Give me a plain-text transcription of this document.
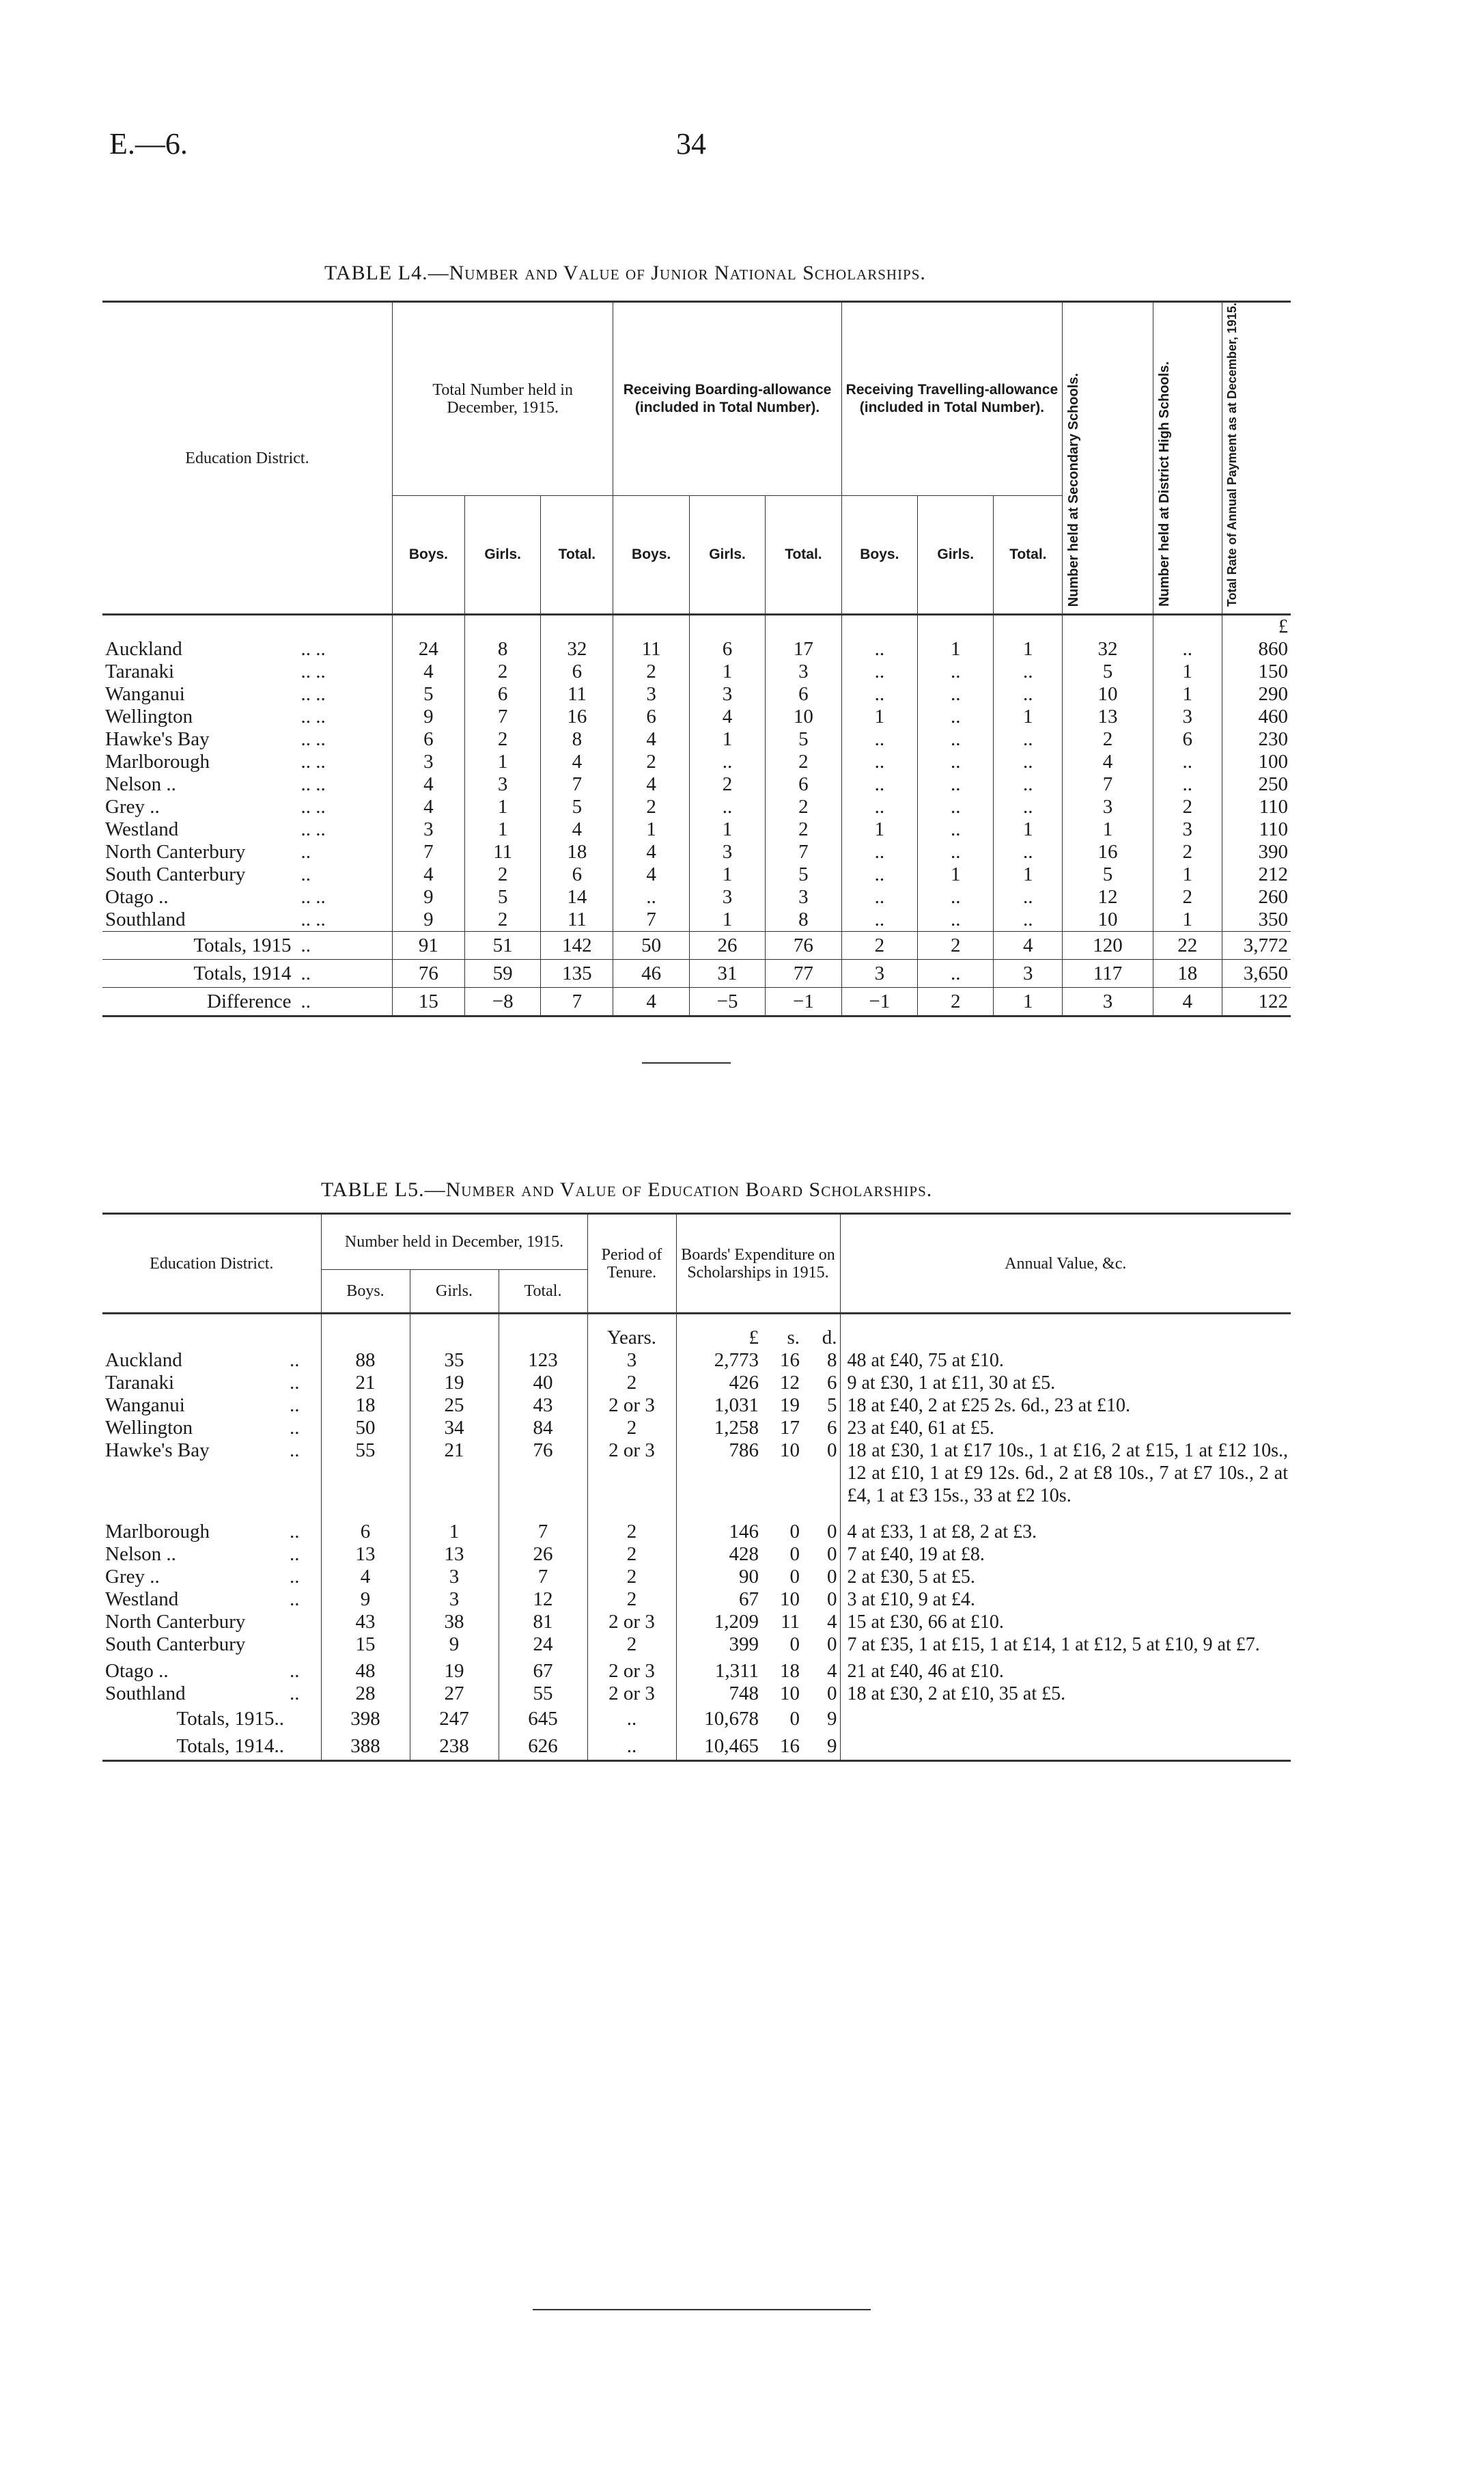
E.—6.	34
TABLE L4.—Number and Value of Junior National Scholarships.
Education District.		Total Number held in December, 1915.			Receiving Boarding-allowance (included in Total Number).			Receiving Travelling-allowance (included in Total Number).			Number held at Secondary Schools.	Number held at District High Schools.	Total Rate of Annual Payment as at December, 1915.

		Boys.	Girls.	Total.	Boys.	Girls.	Total.	Boys.	Girls.	Total.			
													£
Auckland	.. ..	24	8	32	11	6	17	..	1	1	32	..	860
Taranaki	.. ..	4	2	6	2	1	3	..	..	..	5	1	150
Wanganui	.. ..	5	6	11	3	3	6	..	..	..	10	1	290
Wellington	.. ..	9	7	16	6	4	10	1	..	1	13	3	460
Hawke's Bay	.. ..	6	2	8	4	1	5	..	..	..	2	6	230
Marlborough	.. ..	3	1	4	2	..	2	..	..	..	4	..	100
Nelson ..	.. ..	4	3	7	4	2	6	..	..	..	7	..	250
Grey ..	.. ..	4	1	5	2	..	2	..	..	..	3	2	110
Westland	.. ..	3	1	4	1	1	2	1	..	1	1	3	110
North Canterbury	..	7	11	18	4	3	7	..	..	..	16	2	390
South Canterbury	..	4	2	6	4	1	5	..	1	1	5	1	212
Otago ..	.. ..	9	5	14	..	3	3	..	..	..	12	2	260
Southland	.. ..	9	2	11	7	1	8	..	..	..	10	1	350
Totals, 1915	..	91	51	142	50	26	76	2	2	4	120	22	3,772
Totals, 1914	..	76	59	135	46	31	77	3	..	3	117	18	3,650
Difference	..	15	−8	7	4	−5	−1	−1	2	1	3	4	122
TABLE L5.—Number and Value of Education Board Scholarships.
Education District.		Number held in December, 1915.			Period of Tenure.	Boards' Expenditure on Scholarships in 1915.			Annual Value, &c.
		Boys.	Girls.	Total.					
					Years.	£	s.	d.	
Auckland	..	88	35	123	3	2,773	16	8	48 at £40, 75 at £10.
Taranaki	..	21	19	40	2	426	12	6	9 at £30, 1 at £11, 30 at £5.
Wanganui	..	18	25	43	2 or 3	1,031	19	5	18 at £40, 2 at £25 2s. 6d., 23 at £10.
Wellington	..	50	34	84	2	1,258	17	6	23 at £40, 61 at £5.
Hawke's Bay	..	55	21	76	2 or 3	786	10	0	18 at £30, 1 at £17 10s., 1 at £16, 2 at £15, 1 at £12 10s., 12 at £10, 1 at £9 12s. 6d., 2 at £8 10s., 7 at £7 10s., 2 at £4, 1 at £3 15s., 33 at £2 10s.

Marlborough	..	6	1	7	2	146	0	0	4 at £33, 1 at £8, 2 at £3.
Nelson ..	..	13	13	26	2	428	0	0	7 at £40, 19 at £8.
Grey ..	..	4	3	7	2	90	0	0	2 at £30, 5 at £5.
Westland	..	9	3	12	2	67	10	0	3 at £10, 9 at £4.
North Canterbury		43	38	81	2 or 3	1,209	11	4	15 at £30, 66 at £10.
South Canterbury		15	9	24	2	399	0	0	7 at £35, 1 at £15, 1 at £14, 1 at £12, 5 at £10, 9 at £7.

Otago ..	..	48	19	67	2 or 3	1,311	18	4	21 at £40, 46 at £10.
Southland	..	28	27	55	2 or 3	748	10	0	18 at £30, 2 at £10, 35 at £5.
Totals, 1915..		398	247	645	..	10,678	0	9	
Totals, 1914..		388	238	626	..	10,465	16	9	
